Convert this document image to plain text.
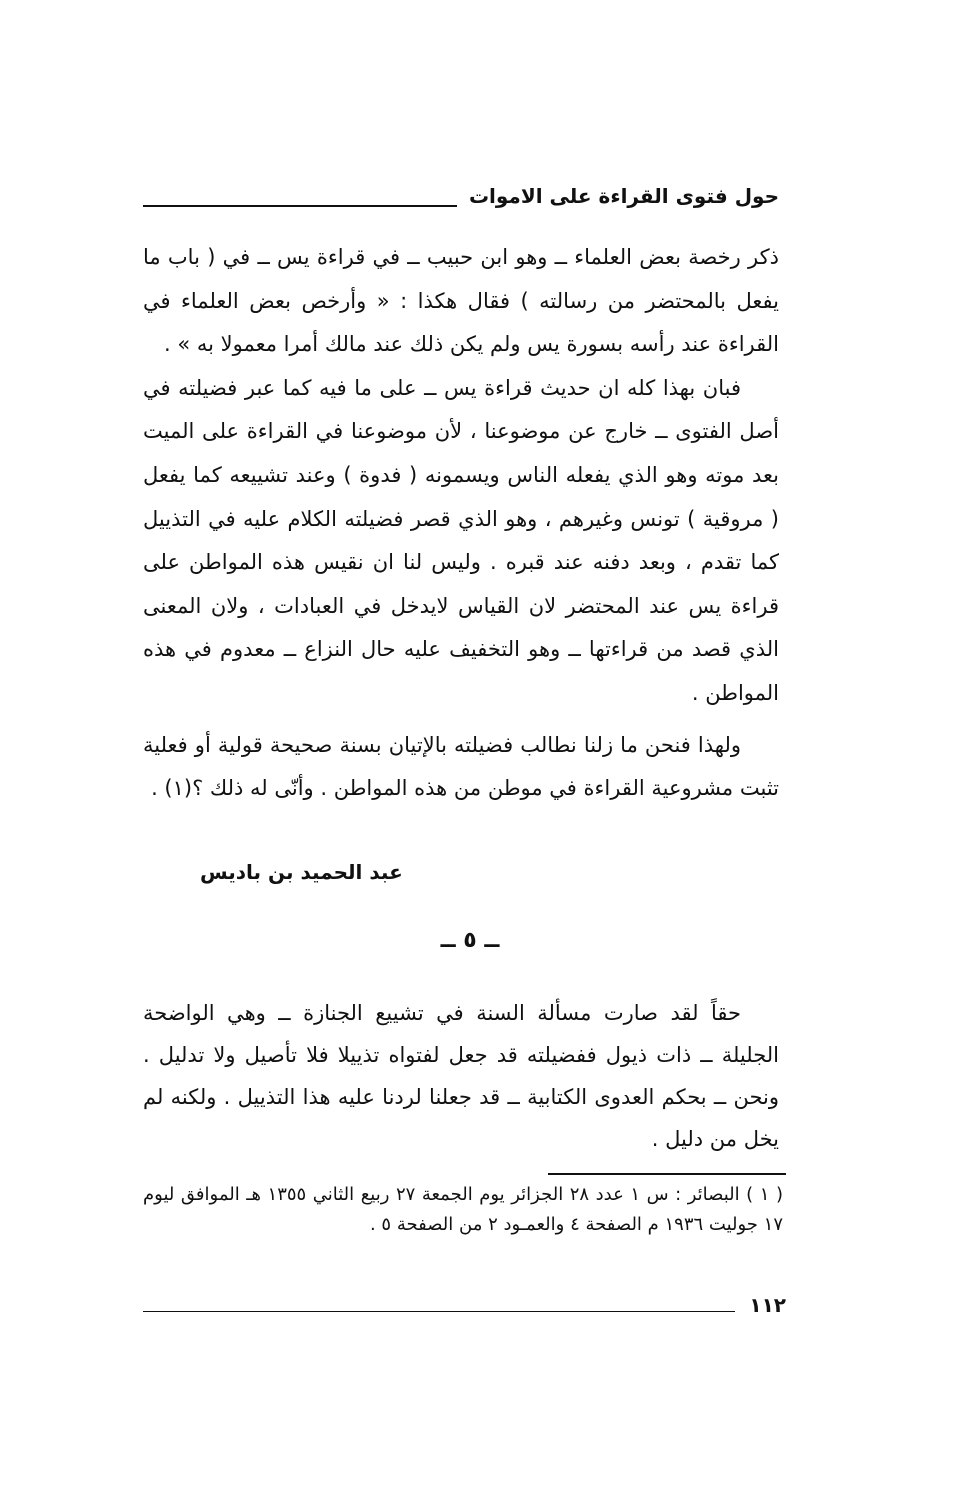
حول فتوى القراءة على الاموات

ذكر رخصة بعض العلماء ــ وهو ابن حبيب ــ في قراءة يس ــ في ( باب ما يفعل بالمحتضر من رسالته ) فقال هكذا : « وأرخص بعض العلماء في القراءة عند رأسه بسورة يس ولم يكن ذلك عند مالك أمرا معمولا به » .

فبان بهذا كله ان حديث قراءة يس ــ على ما فيه كما عبر فضيلته في أصل الفتوى ــ خارج عن موضوعنا ، لأن موضوعنا في القراءة على الميت بعد موته وهو الذي يفعله الناس ويسمونه ( فدوة ) وعند تشييعه كما يفعل ( مروقية ) تونس وغيرهم ، وهو الذي قصر فضيلته الكلام عليه في التذييل كما تقدم ، وبعد دفنه عند قبره . وليس لنا ان نقيس هذه المواطن على قراءة يس عند المحتضر لان القياس لايدخل في العبادات ، ولان المعنى الذي قصد من قراءتها ــ وهو التخفيف عليه حال النزاع ــ معدوم في هذه المواطن .

ولهذا فنحن ما زلنا نطالب فضيلته بالإتيان بسنة صحيحة قولية أو فعلية تثبت مشروعية القراءة في موطن من هذه المواطن . وأنّى له ذلك ؟(١) .

عبد الحميد بن باديس
ــ ٥ ــ

حقاً لقد صارت مسألة السنة في تشييع الجنازة ــ وهي الواضحة الجليلة ــ ذات ذيول ففضيلته قد جعل لفتواه تذييلا فلا تأصيل ولا تدليل . ونحن ــ بحكم العدوى الكتابية ــ قد جعلنا لردنا عليه هذا التذييل . ولكنه لم يخل من دليل .

( ١ ) البصائر : س ١ عدد ٢٨ الجزائر يوم الجمعة ٢٧ ربيع الثاني ١٣٥٥ هـ الموافق ليوم ١٧ جوليت ١٩٣٦ م الصفحة ٤ والعمـود ٢ من الصفحة ٥ .

١١٢
